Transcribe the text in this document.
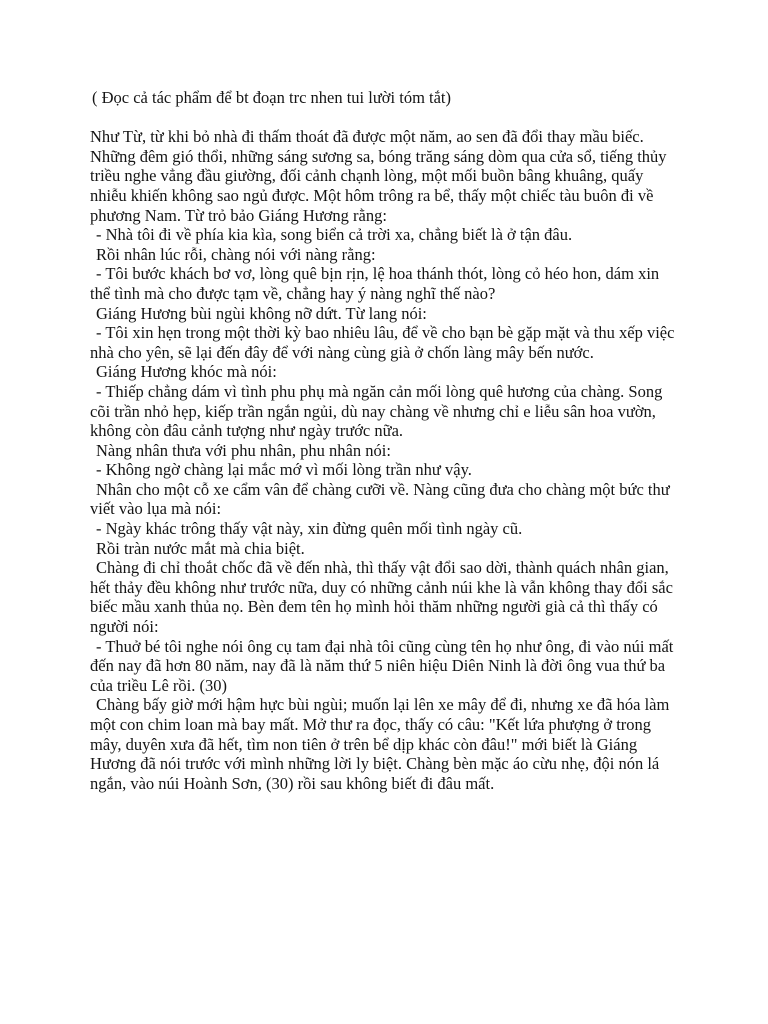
( Đọc cả tác phẩm để bt đoạn trc nhen tui lười tóm tắt)

Như Từ, từ khi bỏ nhà đi thấm thoát đã được một năm, ao sen đã đổi thay mầu biếc. Những đêm gió thổi, những sáng sương sa, bóng trăng sáng dòm qua cửa sổ, tiếng thủy triều nghe vẳng đầu giường, đối cảnh chạnh lòng, một mối buồn bâng khuâng, quấy nhiễu khiến không sao ngủ được. Một hôm trông ra bể, thấy một chiếc tàu buôn đi về phương Nam. Từ trỏ bảo Giáng Hương rằng:

- Nhà tôi đi về phía kia kìa, song biển cả trời xa, chẳng biết là ở tận đâu.

Rồi nhân lúc rỗi, chàng nói với nàng rằng:

- Tôi bước khách bơ vơ, lòng quê bịn rịn, lệ hoa thánh thót, lòng cỏ héo hon, dám xin thể tình mà cho được tạm về, chẳng hay ý nàng nghĩ thế nào?

Giáng Hương bùi ngùi không nỡ dứt. Từ lang nói:

- Tôi xin hẹn trong một thời kỳ bao nhiêu lâu, để về cho bạn bè gặp mặt và thu xếp việc nhà cho yên, sẽ lại đến đây để với nàng cùng già ở chốn làng mây bến nước.

Giáng Hương khóc mà nói:

- Thiếp chẳng dám vì tình phu phụ mà ngăn cản mối lòng quê hương của chàng. Song cõi trần nhỏ hẹp, kiếp trần ngắn ngủi, dù nay chàng về nhưng chỉ e liễu sân hoa vườn, không còn đâu cảnh tượng như ngày trước nữa.

Nàng nhân thưa với phu nhân, phu nhân nói:

- Không ngờ chàng lại mắc mớ vì mối lòng trần như vậy.

Nhân cho một cỗ xe cẩm vân để chàng cưỡi về. Nàng cũng đưa cho chàng một bức thư viết vào lụa mà nói:

- Ngày khác trông thấy vật này, xin đừng quên mối tình ngày cũ.

Rồi tràn nước mắt mà chia biệt.

Chàng đi chỉ thoắt chốc đã về đến nhà, thì thấy vật đổi sao dời, thành quách nhân gian, hết thảy đều không như trước nữa, duy có những cảnh núi khe là vẫn không thay đổi sắc biếc mầu xanh thủa nọ. Bèn đem tên họ mình hỏi thăm những người già cả thì thấy có người nói:

- Thuở bé tôi nghe nói ông cụ tam đại nhà tôi cũng cùng tên họ như ông, đi vào núi mất đến nay đã hơn 80 năm, nay đã là năm thứ 5 niên hiệu Diên Ninh là đời ông vua thứ ba của triều Lê rồi. (30)

Chàng bấy giờ mới hậm hực bùi ngùi; muốn lại lên xe mây để đi, nhưng xe đã hóa làm một con chim loan mà bay mất. Mở thư ra đọc, thấy có câu: "Kết lứa phượng ở trong mây, duyên xưa đã hết, tìm non tiên ở trên bể dịp khác còn đâu!" mới biết là Giáng Hương đã nói trước với mình những lời ly biệt. Chàng bèn mặc áo cừu nhẹ, đội nón lá ngắn, vào núi Hoành Sơn, (30) rồi sau không biết đi đâu mất.
